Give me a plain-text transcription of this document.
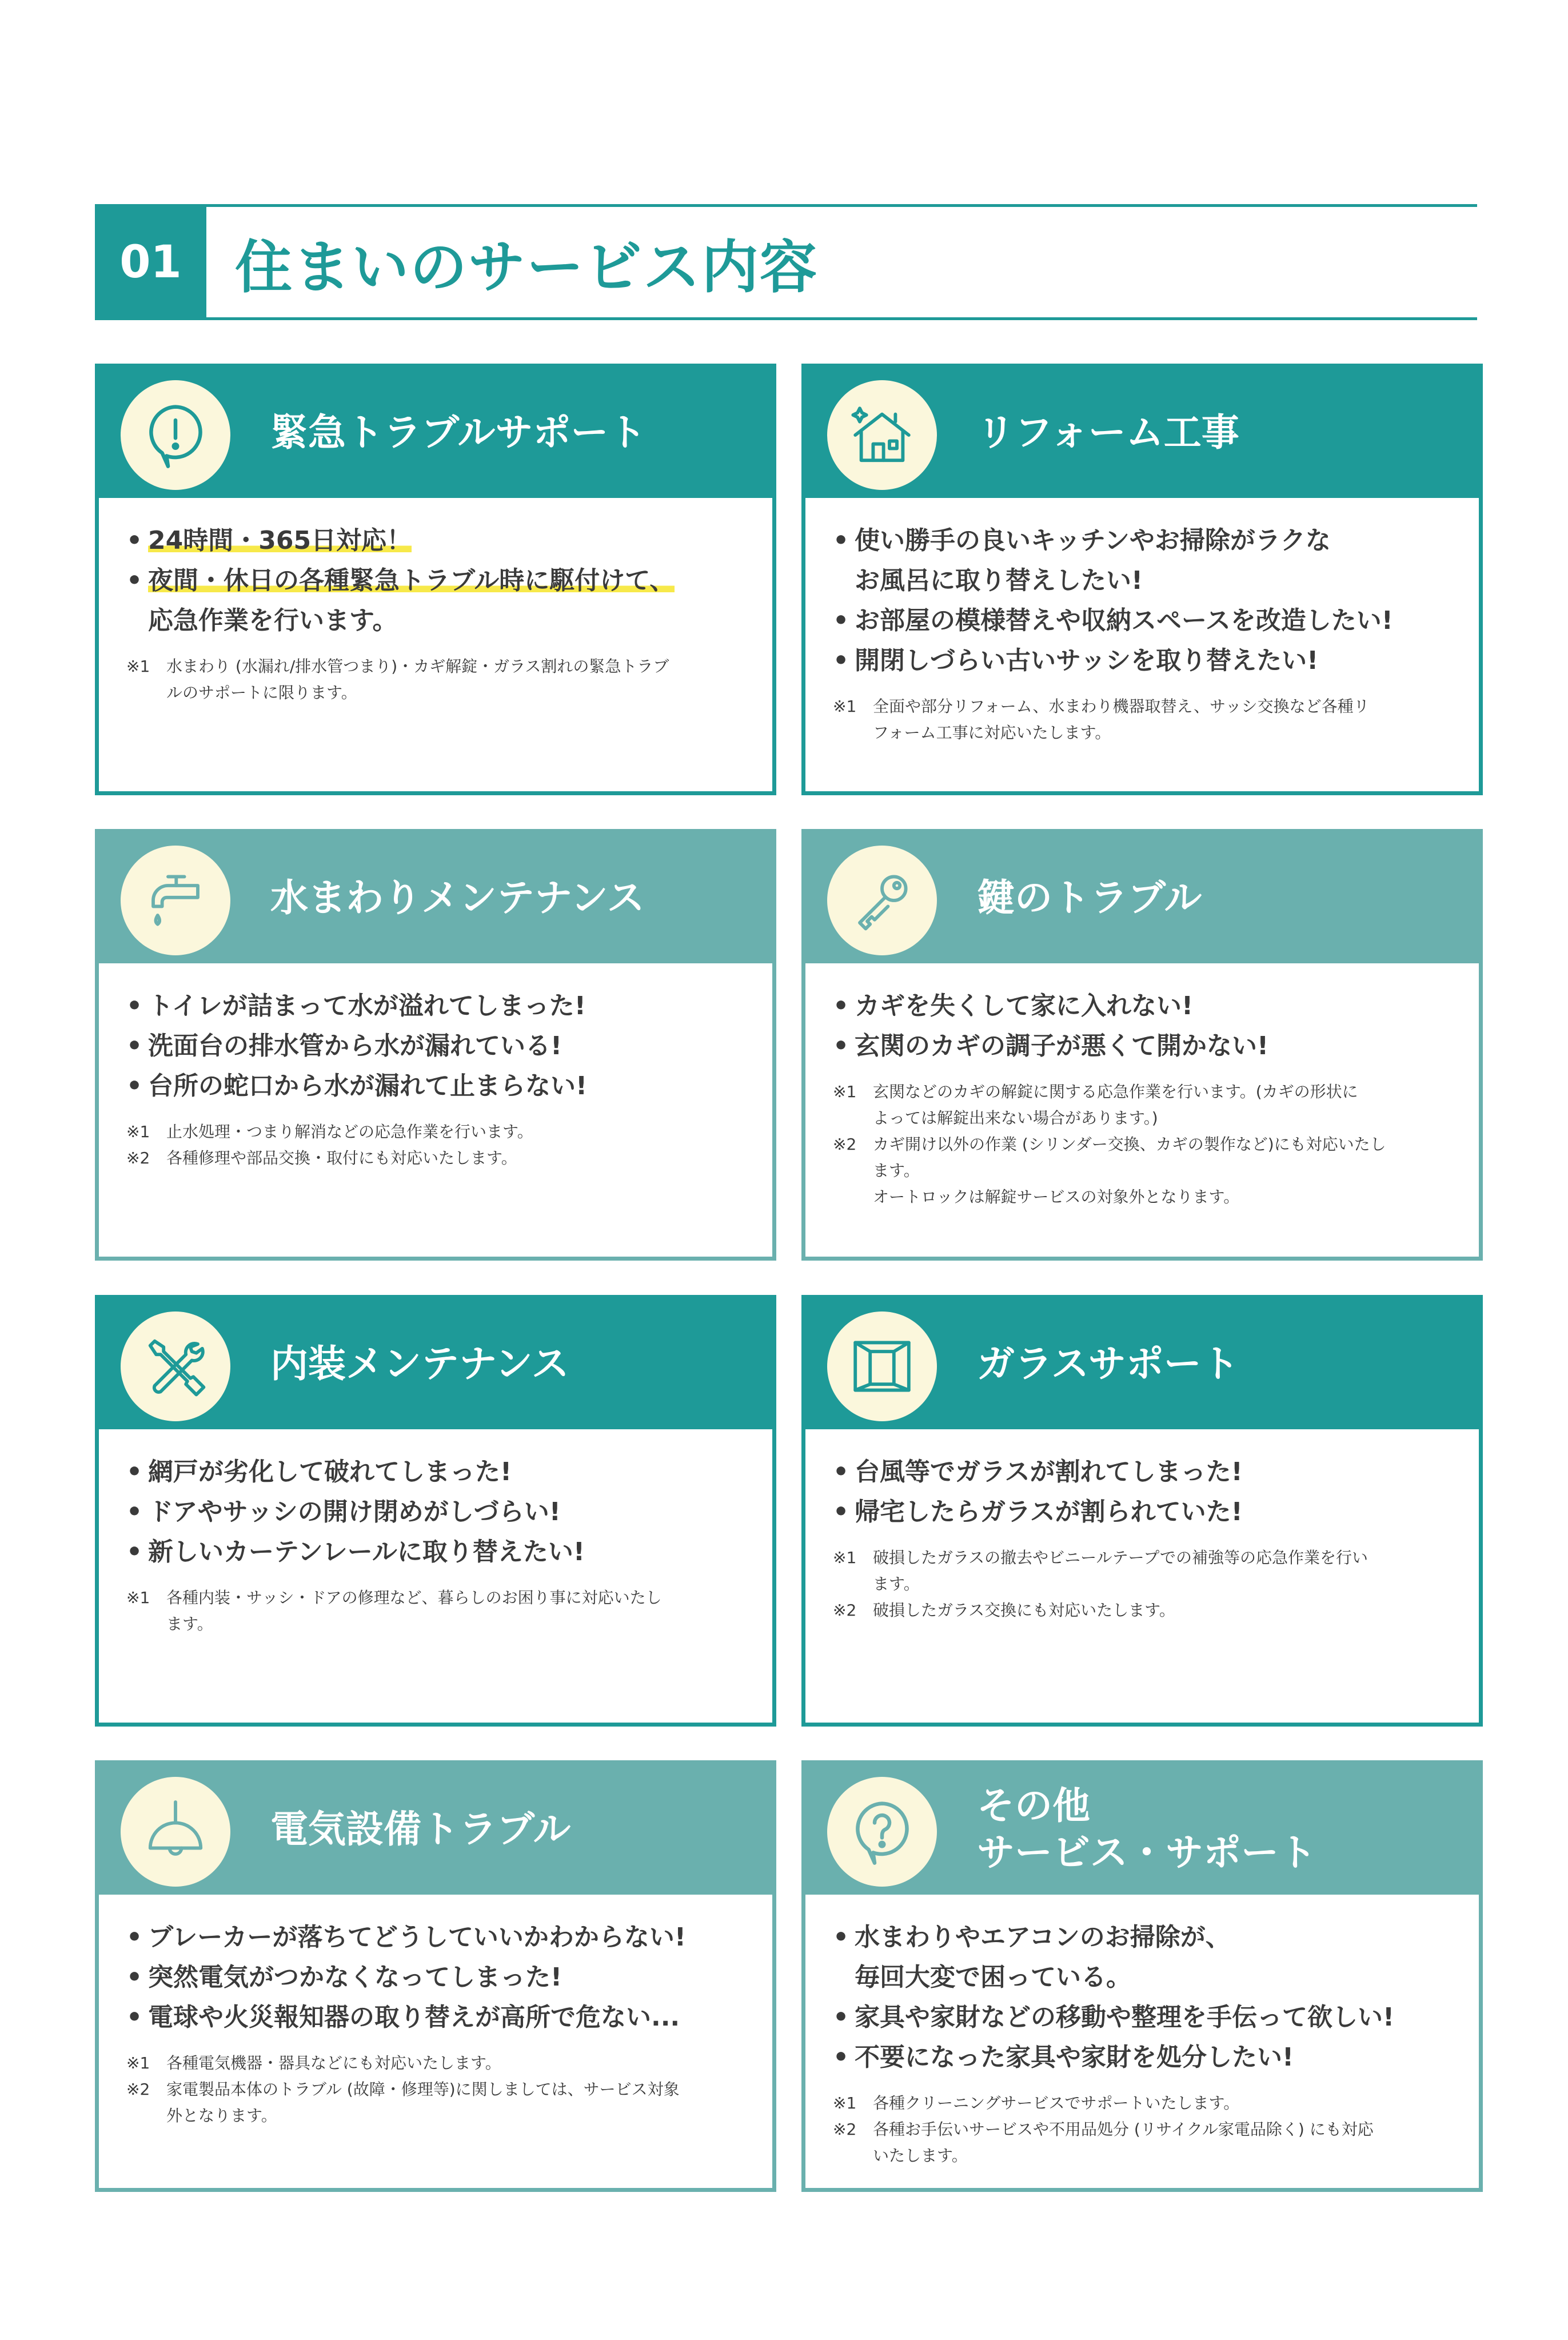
01 住まいのサービス内容
緊急トラブルサポート
• 24時間・365日対応！
• 夜間・休日の各種緊急トラブル時に駆付けて、
応急作業を行います。
※1 水まわり (水漏れ/排水管つまり)・カギ解錠・ガラス割れの緊急トラブ
ルのサポートに限ります。
リフォーム工事
• 使い勝手の良いキッチンやお掃除がラクな
お風呂に取り替えしたい!
• お部屋の模様替えや収納スペースを改造したい!
• 開閉しづらい古いサッシを取り替えたい!
※1 全面や部分リフォーム、水まわり機器取替え、サッシ交換など各種リ
フォーム工事に対応いたします。
水まわりメンテナンス
• トイレが詰まって水が溢れてしまった!
• 洗面台の排水管から水が漏れている!
• 台所の蛇口から水が漏れて止まらない!
※1 止水処理・つまり解消などの応急作業を行います。
※2 各種修理や部品交換・取付にも対応いたします。
鍵のトラブル
• カギを失くして家に入れない!
• 玄関のカギの調子が悪くて開かない!
※1 玄関などのカギの解錠に関する応急作業を行います。(カギの形状に
よっては解錠出来ない場合があります。)
※2 カギ開け以外の作業 (シリンダー交換、カギの製作など)にも対応いたし
ます。
オートロックは解錠サービスの対象外となります。
内装メンテナンス
• 網戸が劣化して破れてしまった!
• ドアやサッシの開け閉めがしづらい!
• 新しいカーテンレールに取り替えたい!
※1 各種内装・サッシ・ドアの修理など、暮らしのお困り事に対応いたし
ます。
ガラスサポート
• 台風等でガラスが割れてしまった!
• 帰宅したらガラスが割られていた!
※1 破損したガラスの撤去やビニールテープでの補強等の応急作業を行い
ます。
※2 破損したガラス交換にも対応いたします。
電気設備トラブル
• ブレーカーが落ちてどうしていいかわからない!
• 突然電気がつかなくなってしまった!
• 電球や火災報知器の取り替えが高所で危ない...
※1 各種電気機器・器具などにも対応いたします。
※2 家電製品本体のトラブル (故障・修理等)に関しましては、サービス対象
外となります。
その他
サービス・サポート
• 水まわりやエアコンのお掃除が、
毎回大変で困っている。
• 家具や家財などの移動や整理を手伝って欲しい!
• 不要になった家具や家財を処分したい!
※1 各種クリーニングサービスでサポートいたします。
※2 各種お手伝いサービスや不用品処分 (リサイクル家電品除く) にも対応
いたします。
